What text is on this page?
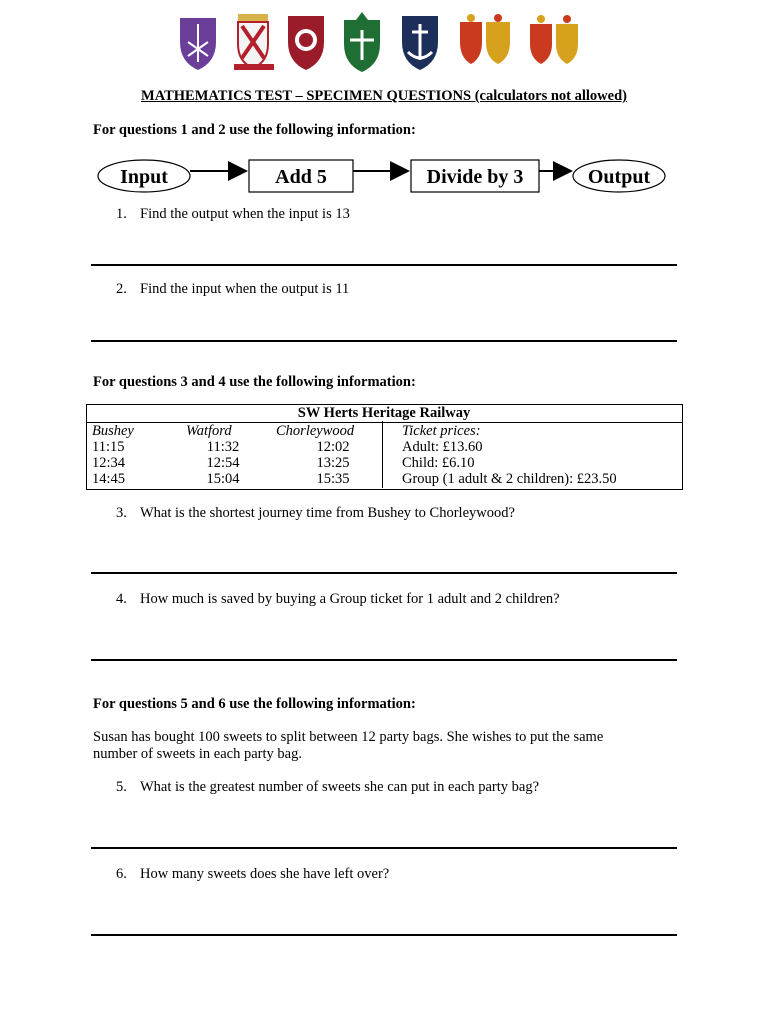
MATHEMATICS TEST – SPECIMEN QUESTIONS (calculators not allowed)
For questions 1 and 2 use the following information:
Input	Add 5	Divide by 3	Output
1. Find the output when the input is 13
2. Find the input when the output is 11
For questions 3 and 4 use the following information:
SW Herts Heritage Railway			
Bushey	Watford	Chorleywood	Ticket prices:
11:15	11:32	12:02	Adult: £13.60
12:34	12:54	13:25	Child: £6.10
14:45	15:04	15:35	Group (1 adult & 2 children): £23.50
3. What is the shortest journey time from Bushey to Chorleywood?
4. How much is saved by buying a Group ticket for 1 adult and 2 children?
For questions 5 and 6 use the following information:
Susan has bought 100 sweets to split between 12 party bags. She wishes to put the same
number of sweets in each party bag.
5. What is the greatest number of sweets she can put in each party bag?
6. How many sweets does she have left over?
